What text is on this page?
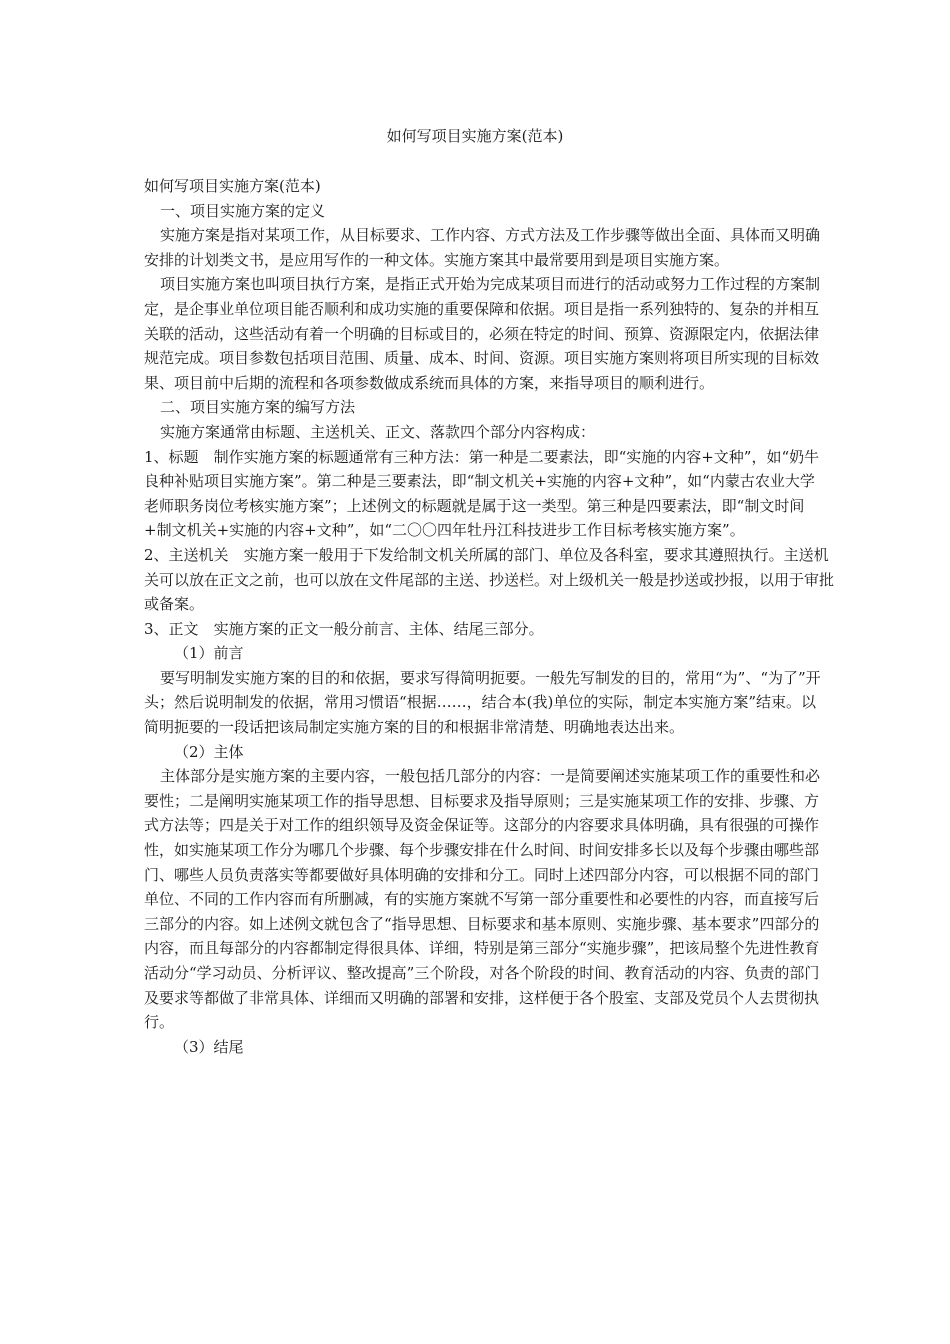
如何写项目实施方案(范本)

如何写项目实施方案(范本)

一、项目实施方案的定义

实施方案是指对某项工作，从目标要求、工作内容、方式方法及工作步骤等做出全面、具体而又明确安排的计划类文书，是应用写作的一种文体。实施方案其中最常要用到是项目实施方案。

项目实施方案也叫项目执行方案，是指正式开始为完成某项目而进行的活动或努力工作过程的方案制定，是企事业单位项目能否顺利和成功实施的重要保障和依据。项目是指一系列独特的、复杂的并相互关联的活动，这些活动有着一个明确的目标或目的，必须在特定的时间、预算、资源限定内，依据法律规范完成。项目参数包括项目范围、质量、成本、时间、资源。项目实施方案则将项目所实现的目标效果、项目前中后期的流程和各项参数做成系统而具体的方案，来指导项目的顺利进行。

二、项目实施方案的编写方法

实施方案通常由标题、主送机关、正文、落款四个部分内容构成：

1、标题　 制作实施方案的标题通常有三种方法：第一种是二要素法，即“实施的内容+文种”，如“奶牛良种补贴项目实施方案”。第二种是三要素法，即“制文机关+实施的内容+文种”，如“内蒙古农业大学老师职务岗位考核实施方案”；上述例文的标题就是属于这一类型。第三种是四要素法，即“制文时间+制文机关+实施的内容+文种”，如“二〇〇四年牡丹江科技进步工作目标考核实施方案”。

2、主送机关　 实施方案一般用于下发给制文机关所属的部门、单位及各科室，要求其遵照执行。主送机关可以放在正文之前，也可以放在文件尾部的主送、抄送栏。对上级机关一般是抄送或抄报，以用于审批或备案。

3、正文　 实施方案的正文一般分前言、主体、结尾三部分。

（1）前言

要写明制发实施方案的目的和依据，要求写得简明扼要。一般先写制发的目的，常用“为”、“为了”开头；然后说明制发的依据，常用习惯语“根据……，结合本(我)单位的实际，制定本实施方案”结束。以简明扼要的一段话把该局制定实施方案的目的和根据非常清楚、明确地表达出来。

（2）主体

主体部分是实施方案的主要内容，一般包括几部分的内容：一是简要阐述实施某项工作的重要性和必要性；二是阐明实施某项工作的指导思想、目标要求及指导原则；三是实施某项工作的安排、步骤、方式方法等；四是关于对工作的组织领导及资金保证等。这部分的内容要求具体明确，具有很强的可操作性，如实施某项工作分为哪几个步骤、每个步骤安排在什么时间、时间安排多长以及每个步骤由哪些部门、哪些人员负责落实等都要做好具体明确的安排和分工。同时上述四部分内容，可以根据不同的部门单位、不同的工作内容而有所删减，有的实施方案就不写第一部分重要性和必要性的内容，而直接写后三部分的内容。如上述例文就包含了“指导思想、目标要求和基本原则、实施步骤、基本要求”四部分的内容，而且每部分的内容都制定得很具体、详细，特别是第三部分“实施步骤”，把该局整个先进性教育活动分“学习动员、分析评议、整改提高”三个阶段，对各个阶段的时间、教育活动的内容、负责的部门及要求等都做了非常具体、详细而又明确的部署和安排，这样便于各个股室、支部及党员个人去贯彻执行。

（3）结尾
